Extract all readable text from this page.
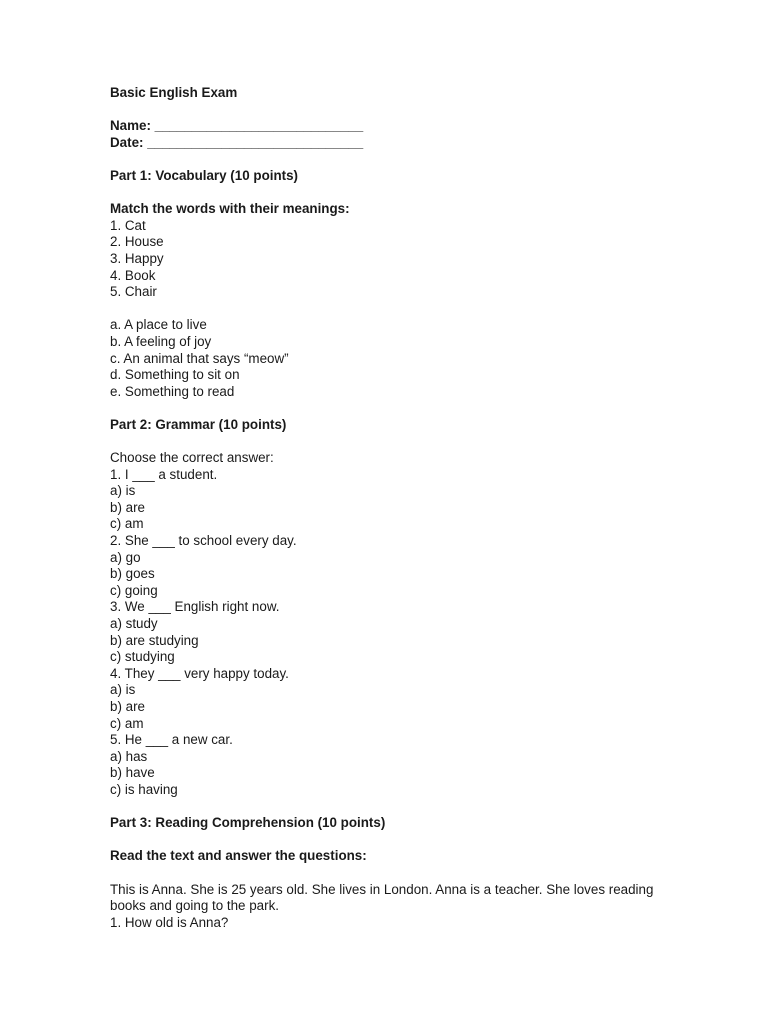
Basic English Exam
Name: ____________________________
Date: _____________________________
Part 1: Vocabulary (10 points)
Match the words with their meanings:
1. Cat
2. House
3. Happy
4. Book
5. Chair
a. A place to live
b. A feeling of joy
c. An animal that says “meow”
d. Something to sit on
e. Something to read
Part 2: Grammar (10 points)
Choose the correct answer:
1. I ___ a student.
a) is
b) are
c) am
2. She ___ to school every day.
a) go
b) goes
c) going
3. We ___ English right now.
a) study
b) are studying
c) studying
4. They ___ very happy today.
a) is
b) are
c) am
5. He ___ a new car.
a) has
b) have
c) is having
Part 3: Reading Comprehension (10 points)
Read the text and answer the questions:
This is Anna. She is 25 years old. She lives in London. Anna is a teacher. She loves reading books and going to the park.
1. How old is Anna?
